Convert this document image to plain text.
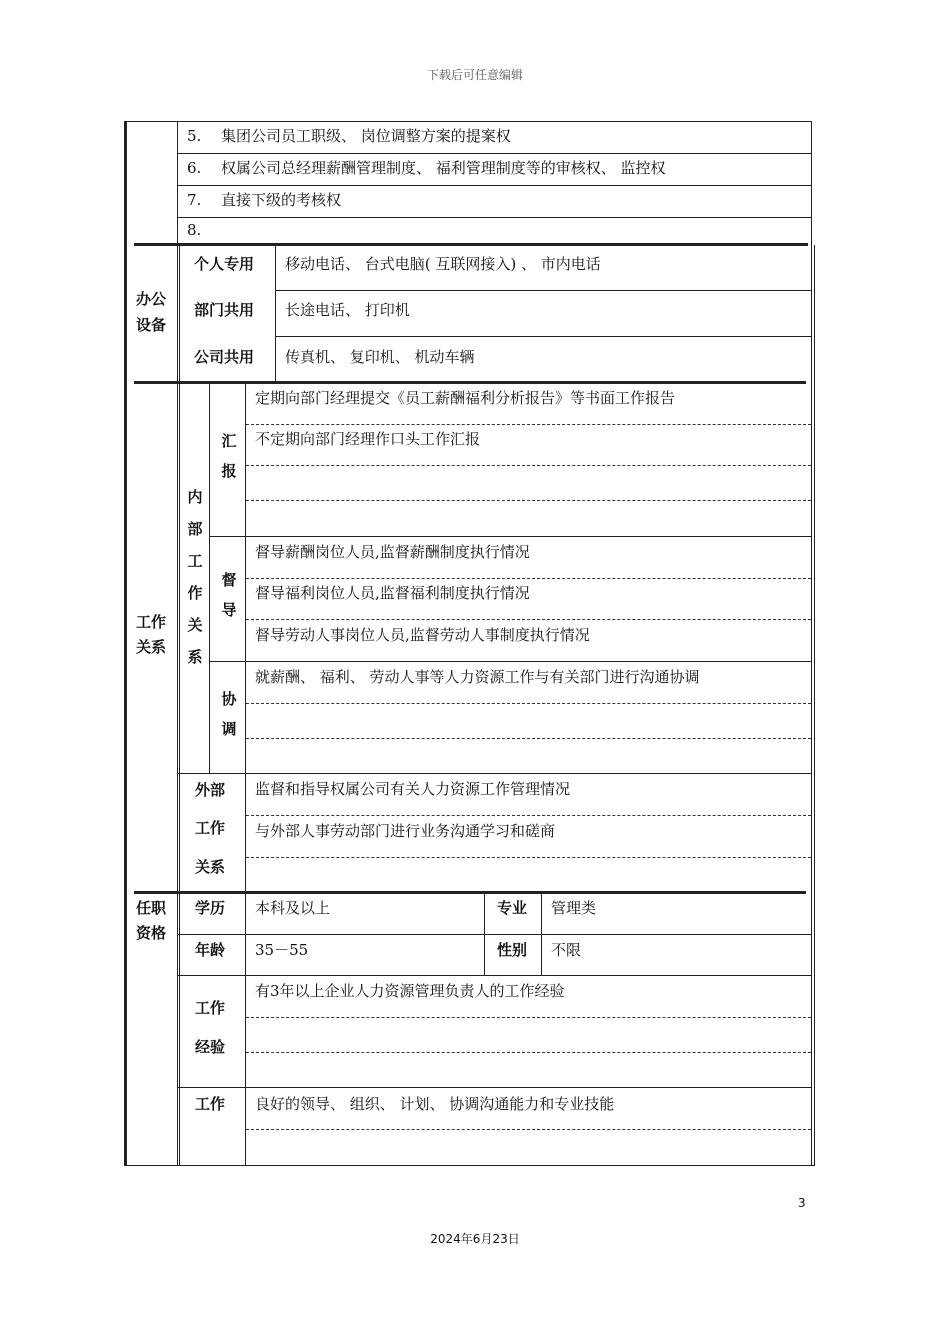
下载后可任意编辑
5. 集团公司员工职级、 岗位调整方案的提案权
6. 权属公司总经理薪酬管理制度、 福利管理制度等的审核权、 监控权
7. 直接下级的考核权
8.
办公
设备
个人专用 移动电话、 台式电脑( 互联网接入) 、 市内电话
部门共用 长途电话、 打印机
公司共用 传真机、 复印机、 机动车辆
工作
关系
内
部
工
作
关
系
汇
报
定期向部门经理提交《员工薪酬福利分析报告》等书面工作报告
不定期向部门经理作口头工作汇报
督
导
督导薪酬岗位人员,监督薪酬制度执行情况
督导福利岗位人员,监督福利制度执行情况
督导劳动人事岗位人员,监督劳动人事制度执行情况
协
调
就薪酬、 福利、 劳动人事等人力资源工作与有关部门进行沟通协调
外部
工作
关系
监督和指导权属公司有关人力资源工作管理情况
与外部人事劳动部门进行业务沟通学习和磋商
任职
资格
学历 本科及以上	专业 管理类
年龄 35－55	性别 不限
工作
经验
有3年以上企业人力资源管理负责人的工作经验
工作 良好的领导、 组织、 计划、 协调沟通能力和专业技能
3
2024年6月23日
